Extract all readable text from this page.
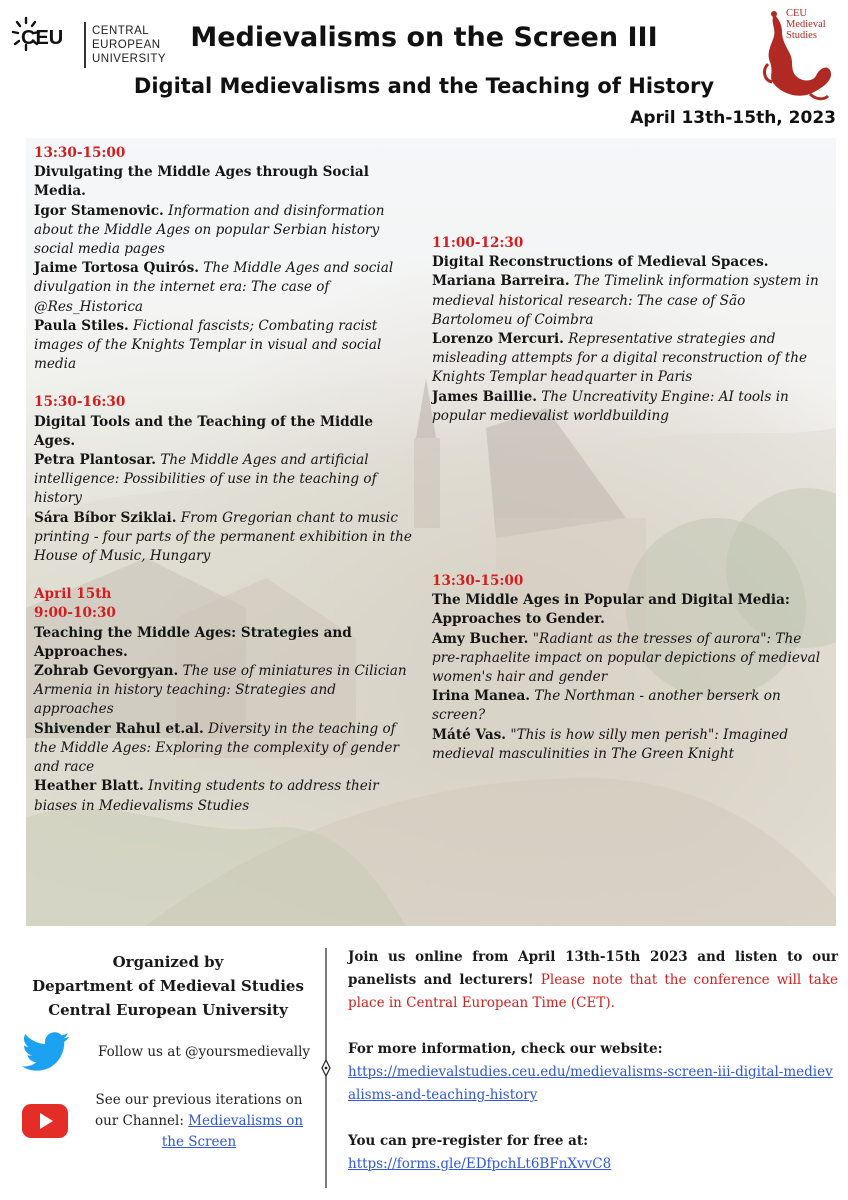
CEU	CENTRAL
EUROPEAN
UNIVERSITY
Medievalisms on the Screen III
Digital Medievalisms and the Teaching of History
April 13th-15th, 2023
CEU
Medieval
Studies

13:30-15:00

Divulgating the Middle Ages through Social Media.

Igor Stamenovic. Information and disinformation about the Middle Ages on popular Serbian history social media pages

Jaime Tortosa Quirós. The Middle Ages and social divulgation in the internet era: The case of @Res_Historica

Paula Stiles. Fictional fascists; Combating racist images of the Knights Templar in visual and social media

15:30-16:30

Digital Tools and the Teaching of the Middle Ages.

Petra Plantosar. The Middle Ages and artificial intelligence: Possibilities of use in the teaching of history

Sára Bíbor Sziklai. From Gregorian chant to music printing - four parts of the permanent exhibition in the House of Music, Hungary

April 15th

9:00-10:30

Teaching the Middle Ages: Strategies and Approaches.

Zohrab Gevorgyan. The use of miniatures in Cilician Armenia in history teaching: Strategies and approaches

Shivender Rahul et.al. Diversity in the teaching of the Middle Ages: Exploring the complexity of gender and race

Heather Blatt. Inviting students to address their biases in Medievalisms Studies

11:00-12:30

Digital Reconstructions of Medieval Spaces.

Mariana Barreira. The Timelink information system in medieval historical research: The case of São Bartolomeu of Coimbra

Lorenzo Mercuri. Representative strategies and misleading attempts for a digital reconstruction of the Knights Templar headquarter in Paris

James Baillie. The Uncreativity Engine: AI tools in popular medievalist worldbuilding

13:30-15:00

The Middle Ages in Popular and Digital Media: Approaches to Gender.

Amy Bucher. "Radiant as the tresses of aurora": The pre-raphaelite impact on popular depictions of medieval women's hair and gender

Irina Manea. The Northman - another berserk on screen?

Máté Vas. "This is how silly men perish": Imagined medieval masculinities in The Green Knight

Organized by
Department of Medieval Studies
Central European University
Follow us at @yoursmedievally
See our previous iterations on our Channel: Medievalisms on the Screen

Join us online from April 13th-15th 2023 and listen to our panelists and lecturers! Please note that the conference will take place in Central European Time (CET).

For more information, check our website:

https://medievalstudies.ceu.edu/medievalisms-screen-iii-digital-medievalisms-and-teaching-history

You can pre-register for free at:

https://forms.gle/EDfpchLt6BFnXvvC8
